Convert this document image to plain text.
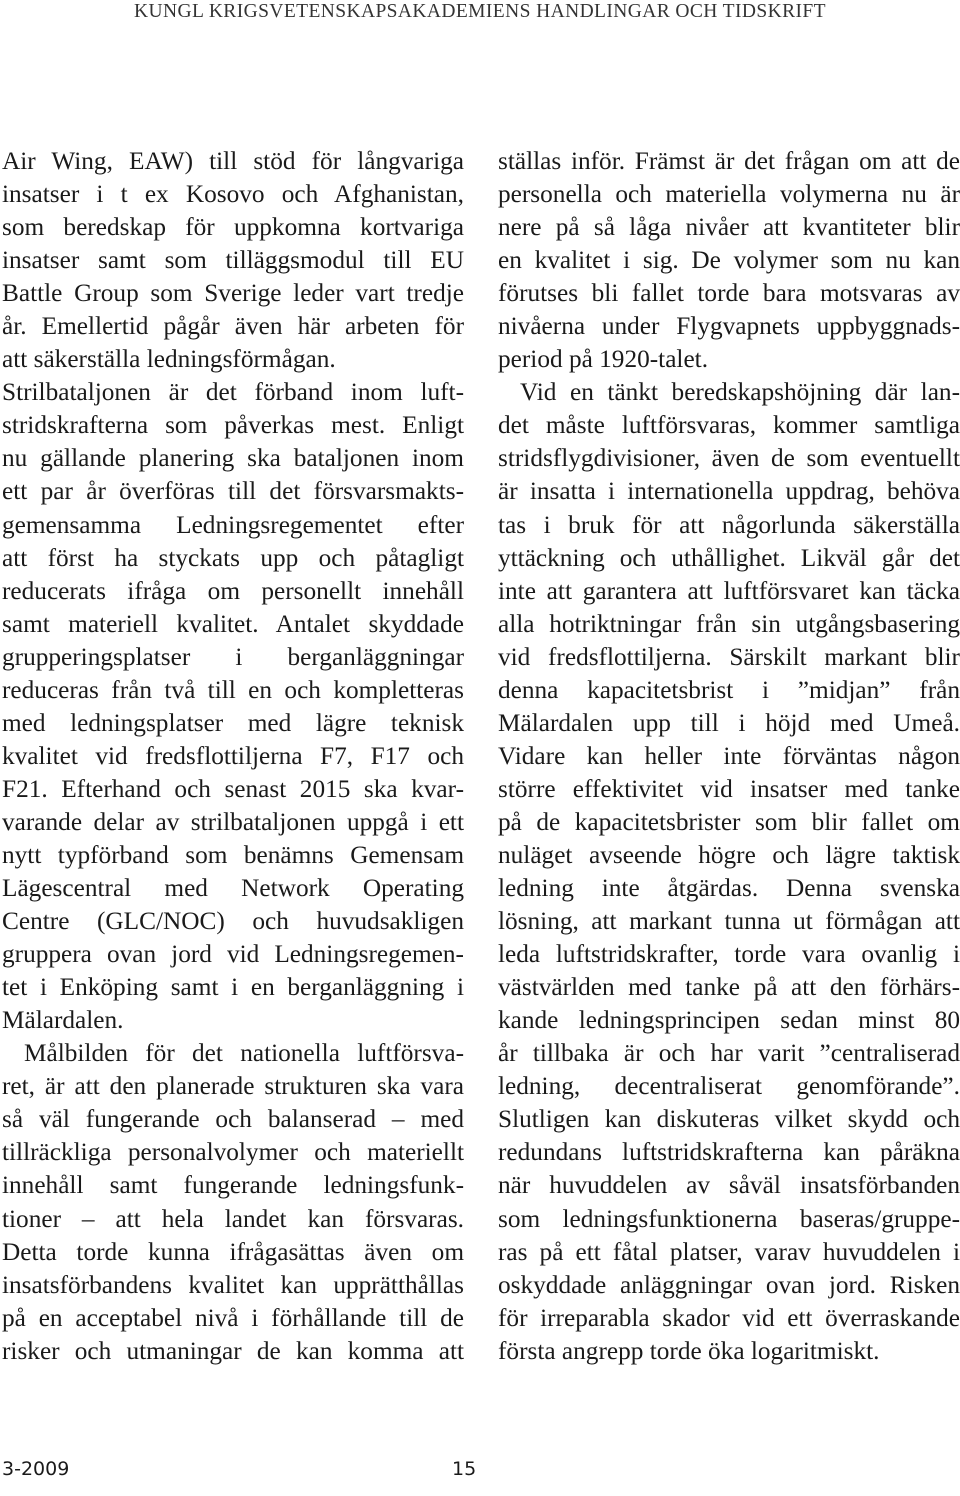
KUNGL KRIGSVETENSKAPSAKADEMIENS HANDLINGAR OCH TIDSKRIFT
Air Wing, EAW) till stöd för långvariga
insatser i t ex Kosovo och Afghanistan,
som beredskap för uppkomna kortvariga
insatser samt som tilläggsmodul till EU
Battle Group som Sverige leder vart tredje
år. Emellertid pågår även här arbeten för
att säkerställa ledningsförmågan.
Strilbataljonen är det förband inom luft-
stridskrafterna som påverkas mest. Enligt
nu gällande planering ska bataljonen inom
ett par år överföras till det försvarsmakts-
gemensamma Ledningsregementet efter
att först ha styckats upp och påtagligt
reducerats ifråga om personellt innehåll
samt materiell kvalitet. Antalet skyddade
grupperingsplatser i berganläggningar
reduceras från två till en och kompletteras
med ledningsplatser med lägre teknisk
kvalitet vid fredsflottiljerna F7, F17 och
F21. Efterhand och senast 2015 ska kvar-
varande delar av strilbataljonen uppgå i ett
nytt typförband som benämns Gemensam
Lägescentral med Network Operating
Centre (GLC/NOC) och huvudsakligen
gruppera ovan jord vid Ledningsregemen-
tet i Enköping samt i en berganläggning i
Mälardalen.
Målbilden för det nationella luftförsva-
ret, är att den planerade strukturen ska vara
så väl fungerande och balanserad – med
tillräckliga personalvolymer och materiellt
innehåll samt fungerande ledningsfunk-
tioner – att hela landet kan försvaras.
Detta torde kunna ifrågasättas även om
insatsförbandens kvalitet kan upprätthållas
på en acceptabel nivå i förhållande till de
risker och utmaningar de kan komma att
ställas inför. Främst är det frågan om att de
personella och materiella volymerna nu är
nere på så låga nivåer att kvantiteter blir
en kvalitet i sig. De volymer som nu kan
förutses bli fallet torde bara motsvaras av
nivåerna under Flygvapnets uppbyggnads-
period på 1920-talet.
Vid en tänkt beredskapshöjning där lan-
det måste luftförsvaras, kommer samtliga
stridsflygdivisioner, även de som eventuellt
är insatta i internationella uppdrag, behöva
tas i bruk för att någorlunda säkerställa
yttäckning och uthållighet. Likväl går det
inte att garantera att luftförsvaret kan täcka
alla hotriktningar från sin utgångsbasering
vid fredsflottiljerna. Särskilt markant blir
denna kapacitetsbrist i ”midjan” från
Mälardalen upp till i höjd med Umeå.
Vidare kan heller inte förväntas någon
större effektivitet vid insatser med tanke
på de kapacitetsbrister som blir fallet om
nuläget avseende högre och lägre taktisk
ledning inte åtgärdas. Denna svenska
lösning, att markant tunna ut förmågan att
leda luftstridskrafter, torde vara ovanlig i
västvärlden med tanke på att den förhärs-
kande ledningsprincipen sedan minst 80
år tillbaka är och har varit ”centraliserad
ledning, decentraliserat genomförande”.
Slutligen kan diskuteras vilket skydd och
redundans luftstridskrafterna kan påräkna
när huvuddelen av såväl insatsförbanden
som ledningsfunktionerna baseras/gruppe-
ras på ett fåtal platser, varav huvuddelen i
oskyddade anläggningar ovan jord. Risken
för irreparabla skador vid ett överraskande
första angrepp torde öka logaritmiskt.
3-2009	15
